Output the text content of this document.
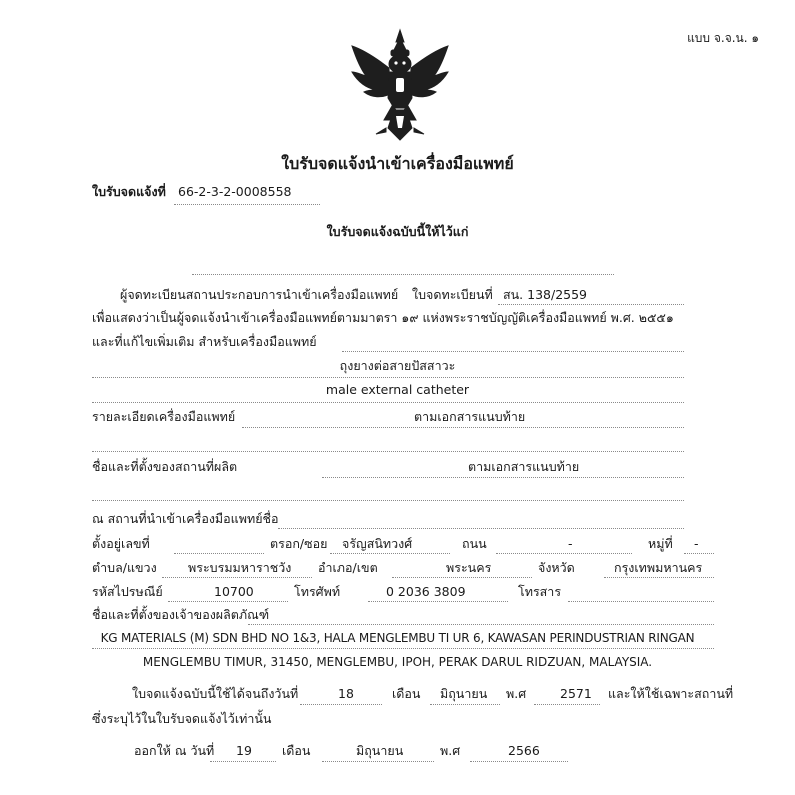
แบบ จ.จ.น. ๑
ใบรับจดแจ้งนำเข้าเครื่องมือแพทย์
ใบรับจดแจ้งที่ 66-2-3-2-0008558
ใบรับจดแจ้งฉบับนี้ให้ไว้แก่
ผู้จดทะเบียนสถานประกอบการนำเข้าเครื่องมือแพทย์ ใบจดทะเบียนที่ สน. 138/2559
เพื่อแสดงว่าเป็นผู้จดแจ้งนำเข้าเครื่องมือแพทย์ตามมาตรา ๑๙ แห่งพระราชบัญญัติเครื่องมือแพทย์ พ.ศ. ๒๕๕๑
และที่แก้ไขเพิ่มเติม สำหรับเครื่องมือแพทย์
ถุงยางต่อสายปัสสาวะ
male external catheter
รายละเอียดเครื่องมือแพทย์	ตามเอกสารแนบท้าย
ชื่อและที่ตั้งของสถานที่ผลิต	ตามเอกสารแนบท้าย
ณ สถานที่นำเข้าเครื่องมือแพทย์ชื่อ
ตั้งอยู่เลขที่	ตรอก/ซอย จรัญสนิทวงศ์	ถนน	-	หมู่ที่ -
ตำบล/แขวง	พระบรมมหาราชวัง อำเภอ/เขต	พระนคร	จังหวัด	กรุงเทพมหานคร
รหัสไปรษณีย์	10700	โทรศัพท์	0 2036 3809	โทรสาร
ชื่อและที่ตั้งของเจ้าของผลิตภัณฑ์
KG MATERIALS (M) SDN BHD NO 1&3, HALA MENGLEMBU TI UR 6, KAWASAN PERINDUSTRIAN RINGAN
MENGLEMBU TIMUR, 31450, MENGLEMBU, IPOH, PERAK DARUL RIDZUAN, MALAYSIA.
ใบจดแจ้งฉบับนี้ใช้ได้จนถึงวันที่	18	เดือน มิถุนายน พ.ศ	2571 และให้ใช้เฉพาะสถานที่
ซึ่งระบุไว้ในใบรับจดแจ้งไว้เท่านั้น
ออกให้ ณ วันที่ 19 เดือน	มิถุนายน	พ.ศ	2566
